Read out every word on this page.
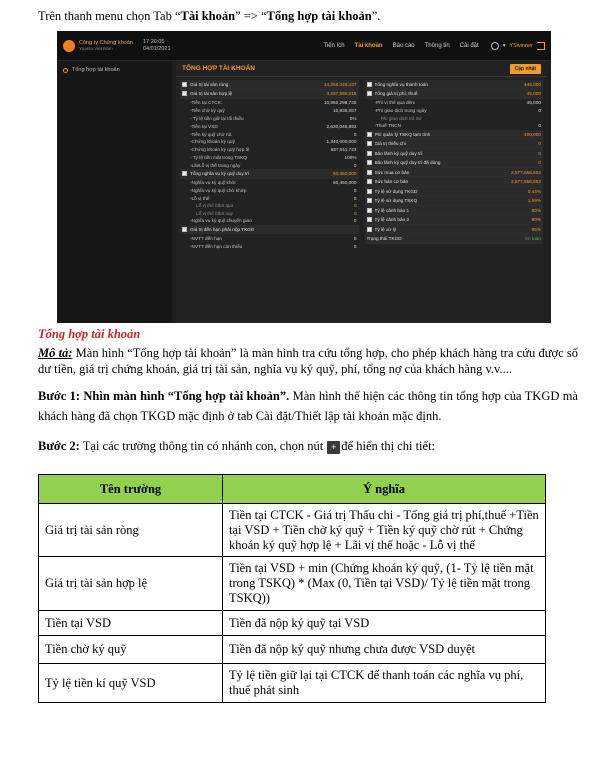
Trên thanh menu chọn Tab “Tài khoản” => “Tổng hợp tài khoản”.
Công ty Chứng khoán
Yuanta Việt Nam
17:20:05
04/01/2021	Tiện ích Tài khoản Báo cáo Thông tin Cài đặt	▾ YSwinner
Tổng hợp tài khoản	TỔNG HỢP TÀI KHOẢN	Cập nhật
Giá trị tài sản ròng	14,258,348,437
Giá trị tài sản hợp lệ	3,287,558,615
-Tiền tại CTCK:	10,960,298,735
-Tiền chờ ký quỹ	10,936,087
- Tỷ lệ tiền giữ lại tối thiểu	0%
-Tiền tại VSD	2,630,046,892
-Tiền ký quỹ chờ rút	0
-Chứng khoán ký quỹ	1,340,000,000
-Chứng khoán ký quỹ hợp lệ	657,511,723
- Tỷ lệ tiền mặt trong TSKQ	100%
-Lãi/Lỗ vị thế trong ngày	0
Tổng nghĩa vụ ký quỹ duy trì	60,450,000
-Nghĩa vụ ký quỹ khởi	60,450,000
-Nghĩa vụ ký quỹ chờ khớp	0
-Lỗ vị thế	0
Lỗ vị thế hôm qua	0
Lỗ vị thế hôm nay	0
-Nghĩa vụ ký quỹ chuyển giao	0
Giá trị đến hạn phải nộp TKGD
-NVTT đến hạn	0
-NVTT đến hạn còn thiếu	0
Tổng nghĩa vụ thanh toán	445,000
Tổng giá trị phí, thuế	45,000
-Phí vị thế qua đêm	45,000
-Phí giao dịch trong ngày	0
Phí giao dịch trả Sở
-Thuế TNCN	0
Phí quản lý TSKQ tạm tính	400,000
Giá trị thiếu chi	0
Bảo lãnh ký quỹ duy trì	0
Bảo lãnh ký quỹ duy trì đã dùng	0
Sức mua cơ bản	2,577,656,892
Sức bán cơ bản	2,577,656,892
Tỷ lệ sử dụng TKGD	0.44%
Tỷ lệ sử dụng TSKQ	1.59%
Tỷ lệ cảnh báo 1	80%
Tỷ lệ cảnh báo 2	90%
Tỷ lệ xử lý	95%
Trạng thái TKGD	An toàn
Tổng hợp tài khoản
Mô tả: Màn hình “Tổng hợp tài khoản” là màn hình tra cứu tổng hợp, cho phép khách hàng tra cứu được số dư tiền, giá trị chứng khoán, giá trị tài sản, nghĩa vụ ký quỹ, phí, tổng nợ của khách hàng v.v....
Bước 1: Nhìn màn hình “Tổng hợp tài khoản”. Màn hình thể hiện các thông tin tổng hợp của TKGD mà khách hàng đã chọn TKGD mặc định ở tab Cài đặt/Thiết lập tài khoản mặc định.
Bước 2: Tại các trường thông tin có nhánh con, chọn nút + để hiển thị chi tiết:
Tên trường	Ý nghĩa
Giá trị tài sản ròng	Tiền tại CTCK - Giá trị Thấu chi - Tổng giá trị phí,thuế +Tiền tại VSD + Tiền chờ ký quỹ + Tiền ký quỹ chờ rút + Chứng khoán ký quỹ hợp lệ + Lãi vị thế hoặc - Lỗ vị thế
Giá trị tài sản hợp lệ	Tiền tại VSD + min (Chứng khoán ký quỹ, (1- Tỷ lệ tiền mặt trong TSKQ) * (Max (0, Tiền tại VSD)/ Tỷ lệ tiền mặt trong TSKQ))
Tiền tại VSD	Tiền đã nộp ký quỹ tại VSD
Tiền chờ ký quỹ	Tiền đã nộp ký quỹ nhưng chưa được VSD duyệt
Tỷ lệ tiền kí quỹ VSD	Tỷ lệ tiền giữ lại tại CTCK để thanh toán các nghĩa vụ phí, thuế phát sinh
